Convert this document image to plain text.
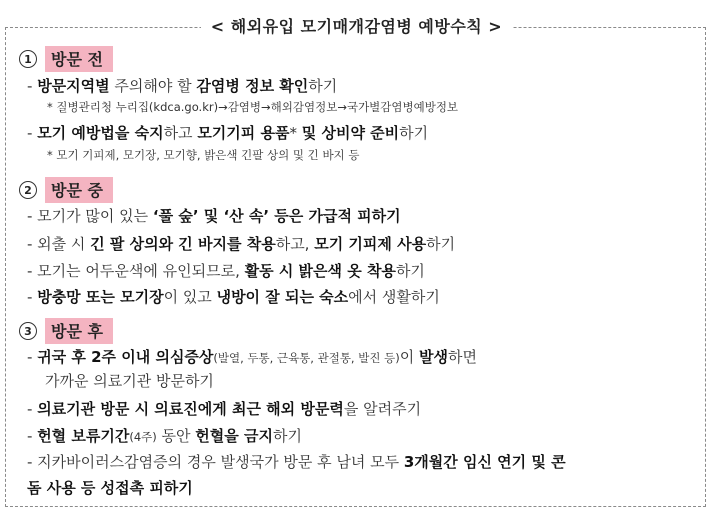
< 해외유입 모기매개감염병 예방수칙 >
1	방문 전
- 방문지역별 주의해야 할 감염병 정보 확인하기
* 질병관리청 누리집(kdca.go.kr)→감염병→해외감염정보→국가별감염병예방정보
- 모기 예방법을 숙지하고 모기기피 용품* 및 상비약 준비하기
* 모기 기피제, 모기장, 모기향, 밝은색 긴팔 상의 및 긴 바지 등
2	방문 중
- 모기가 많이 있는 ‘풀 숲’ 및 ‘산 속’ 등은 가급적 피하기
- 외출 시 긴 팔 상의와 긴 바지를 착용하고, 모기 기피제 사용하기
- 모기는 어두운색에 유인되므로, 활동 시 밝은색 옷 착용하기
- 방충망 또는 모기장이 있고 냉방이 잘 되는 숙소에서 생활하기
3	방문 후
- 귀국 후 2주 이내 의심증상(발열, 두통, 근육통, 관절통, 발진 등)이 발생하면
가까운 의료기관 방문하기
- 의료기관 방문 시 의료진에게 최근 해외 방문력을 알려주기
- 헌혈 보류기간(4주) 동안 헌혈을 금지하기
- 지카바이러스감염증의 경우 발생국가 방문 후 남녀 모두 3개월간 임신 연기 및 콘
돔 사용 등 성접촉 피하기
